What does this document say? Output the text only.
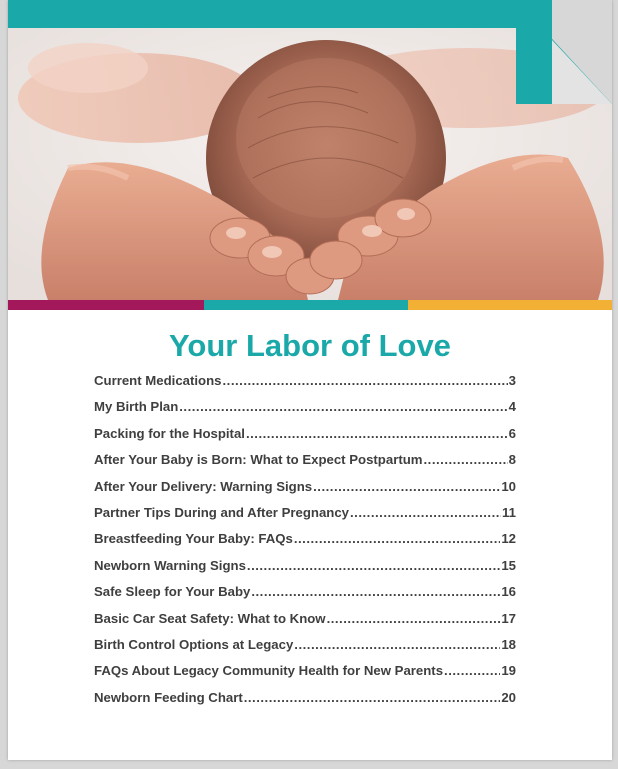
Your Labor of Love
Current Medications .....	3
My Birth Plan .....	4
Packing for the Hospital .....	6
After Your Baby is Born: What to Expect Postpartum .....	8
After Your Delivery: Warning Signs .....	10
Partner Tips During and After Pregnancy .....	11
Breastfeeding Your Baby: FAQs .....	12
Newborn Warning Signs .....	15
Safe Sleep for Your Baby .....	16
Basic Car Seat Safety: What to Know .....	17
Birth Control Options at Legacy .....	18
FAQs About Legacy Community Health for New Parents .....	19
Newborn Feeding Chart .....	20
